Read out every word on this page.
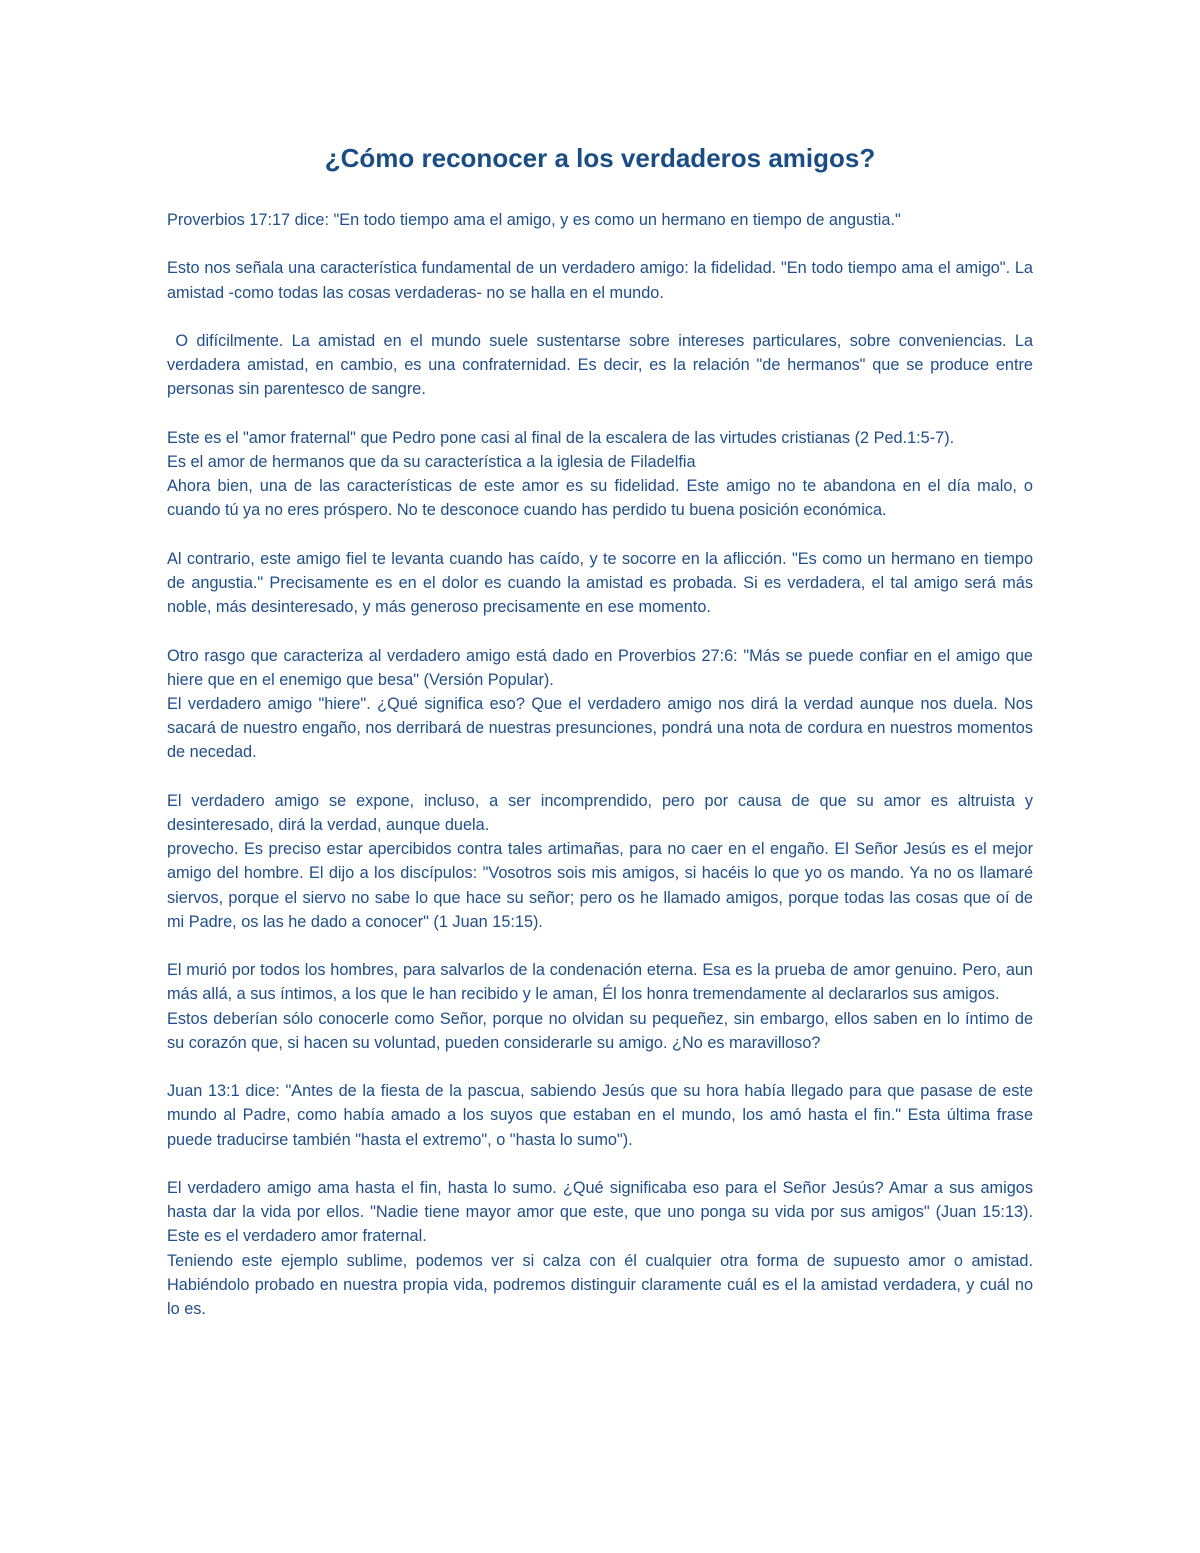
¿Cómo reconocer a los verdaderos amigos?
Proverbios 17:17 dice: "En todo tiempo ama el amigo, y es como un hermano en tiempo de angustia."
Esto nos señala una característica fundamental de un verdadero amigo: la fidelidad. "En todo tiempo ama el amigo". La amistad -como todas las cosas verdaderas- no se halla en el mundo.
O difícilmente. La amistad en el mundo suele sustentarse sobre intereses particulares, sobre conveniencias. La verdadera amistad, en cambio, es una confraternidad. Es decir, es la relación "de hermanos" que se produce entre personas sin parentesco de sangre.
Este es el "amor fraternal" que Pedro pone casi al final de la escalera de las virtudes cristianas (2 Ped.1:5-7).
Es el amor de hermanos que da su característica a la iglesia de Filadelfia
Ahora bien, una de las características de este amor es su fidelidad. Este amigo no te abandona en el día malo, o cuando tú ya no eres próspero. No te desconoce cuando has perdido tu buena posición económica.
Al contrario, este amigo fiel te levanta cuando has caído, y te socorre en la aflicción. "Es como un hermano en tiempo de angustia." Precisamente es en el dolor es cuando la amistad es probada. Si es verdadera, el tal amigo será más noble, más desinteresado, y más generoso precisamente en ese momento.
Otro rasgo que caracteriza al verdadero amigo está dado en Proverbios 27:6: "Más se puede confiar en el amigo que hiere que en el enemigo que besa" (Versión Popular).
El verdadero amigo "hiere". ¿Qué significa eso? Que el verdadero amigo nos dirá la verdad aunque nos duela. Nos sacará de nuestro engaño, nos derribará de nuestras presunciones, pondrá una nota de cordura en nuestros momentos de necedad.
El verdadero amigo se expone, incluso, a ser incomprendido, pero por causa de que su amor es altruista y desinteresado, dirá la verdad, aunque duela.
provecho. Es preciso estar apercibidos contra tales artimañas, para no caer en el engaño. El Señor Jesús es el mejor amigo del hombre. El dijo a los discípulos: "Vosotros sois mis amigos, si hacéis lo que yo os mando. Ya no os llamaré siervos, porque el siervo no sabe lo que hace su señor; pero os he llamado amigos, porque todas las cosas que oí de mi Padre, os las he dado a conocer" (1 Juan 15:15).
El murió por todos los hombres, para salvarlos de la condenación eterna. Esa es la prueba de amor genuino. Pero, aun más allá, a sus íntimos, a los que le han recibido y le aman, Él los honra tremendamente al declararlos sus amigos.
Estos deberían sólo conocerle como Señor, porque no olvidan su pequeñez, sin embargo, ellos saben en lo íntimo de su corazón que, si hacen su voluntad, pueden considerarle su amigo. ¿No es maravilloso?
Juan 13:1 dice: "Antes de la fiesta de la pascua, sabiendo Jesús que su hora había llegado para que pasase de este mundo al Padre, como había amado a los suyos que estaban en el mundo, los amó hasta el fin." Esta última frase puede traducirse también "hasta el extremo", o "hasta lo sumo").
El verdadero amigo ama hasta el fin, hasta lo sumo. ¿Qué significaba eso para el Señor Jesús? Amar a sus amigos hasta dar la vida por ellos. "Nadie tiene mayor amor que este, que uno ponga su vida por sus amigos" (Juan 15:13). Este es el verdadero amor fraternal.
Teniendo este ejemplo sublime, podemos ver si calza con él cualquier otra forma de supuesto amor o amistad. Habiéndolo probado en nuestra propia vida, podremos distinguir claramente cuál es el la amistad verdadera, y cuál no lo es.
